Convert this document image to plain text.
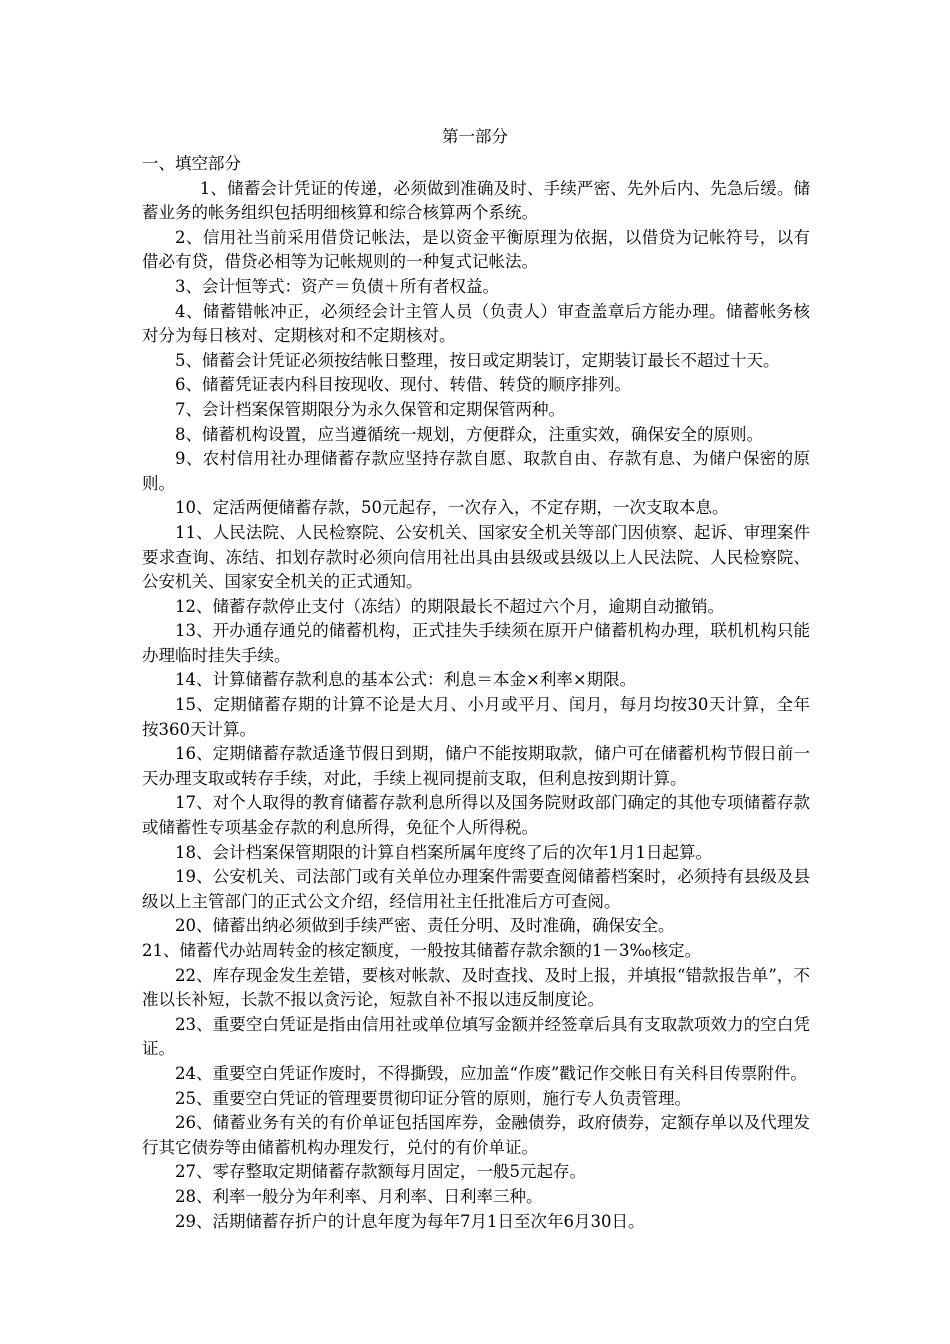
第一部分

一、填空部分

1、储蓄会计凭证的传递，必须做到准确及时、手续严密、先外后内、先急后缓。储蓄业务的帐务组织包括明细核算和综合核算两个系统。

2、信用社当前采用借贷记帐法，是以资金平衡原理为依据，以借贷为记帐符号，以有借必有贷，借贷必相等为记帐规则的一种复式记帐法。

3、会计恒等式：资产＝负债＋所有者权益。

4、储蓄错帐冲正，必须经会计主管人员（负责人）审查盖章后方能办理。储蓄帐务核对分为每日核对、定期核对和不定期核对。

5、储蓄会计凭证必须按结帐日整理，按日或定期装订，定期装订最长不超过十天。

6、储蓄凭证表内科目按现收、现付、转借、转贷的顺序排列。

7、会计档案保管期限分为永久保管和定期保管两种。

8、储蓄机构设置，应当遵循统一规划，方便群众，注重实效，确保安全的原则。

9、农村信用社办理储蓄存款应坚持存款自愿、取款自由、存款有息、为储户保密的原则。

10、定活两便储蓄存款，50元起存，一次存入，不定存期，一次支取本息。

11、人民法院、人民检察院、公安机关、国家安全机关等部门因侦察、起诉、审理案件要求查询、冻结、扣划存款时必须向信用社出具由县级或县级以上人民法院、人民检察院、公安机关、国家安全机关的正式通知。

12、储蓄存款停止支付（冻结）的期限最长不超过六个月，逾期自动撤销。

13、开办通存通兑的储蓄机构，正式挂失手续须在原开户储蓄机构办理，联机机构只能办理临时挂失手续。

14、计算储蓄存款利息的基本公式：利息＝本金×利率×期限。

15、定期储蓄存期的计算不论是大月、小月或平月、闰月，每月均按30天计算，全年按360天计算。

16、定期储蓄存款适逢节假日到期，储户不能按期取款，储户可在储蓄机构节假日前一天办理支取或转存手续，对此，手续上视同提前支取，但利息按到期计算。

17、对个人取得的教育储蓄存款利息所得以及国务院财政部门确定的其他专项储蓄存款或储蓄性专项基金存款的利息所得，免征个人所得税。

18、会计档案保管期限的计算自档案所属年度终了后的次年1月1日起算。

19、公安机关、司法部门或有关单位办理案件需要查阅储蓄档案时，必须持有县级及县级以上主管部门的正式公文介绍，经信用社主任批准后方可查阅。

20、储蓄出纳必须做到手续严密、责任分明、及时准确，确保安全。

21、储蓄代办站周转金的核定额度，一般按其储蓄存款余额的1－3‰核定。

22、库存现金发生差错，要核对帐款、及时查找、及时上报，并填报“错款报告单”，不准以长补短，长款不报以贪污论，短款自补不报以违反制度论。

23、重要空白凭证是指由信用社或单位填写金额并经签章后具有支取款项效力的空白凭证。

24、重要空白凭证作废时，不得撕毁，应加盖“作废”戳记作交帐日有关科目传票附件。

25、重要空白凭证的管理要贯彻印证分管的原则，施行专人负责管理。

26、储蓄业务有关的有价单证包括国库券，金融债券，政府债券，定额存单以及代理发行其它债券等由储蓄机构办理发行，兑付的有价单证。

27、零存整取定期储蓄存款额每月固定，一般5元起存。

28、利率一般分为年利率、月利率、日利率三种。

29、活期储蓄存折户的计息年度为每年7月1日至次年6月30日。
